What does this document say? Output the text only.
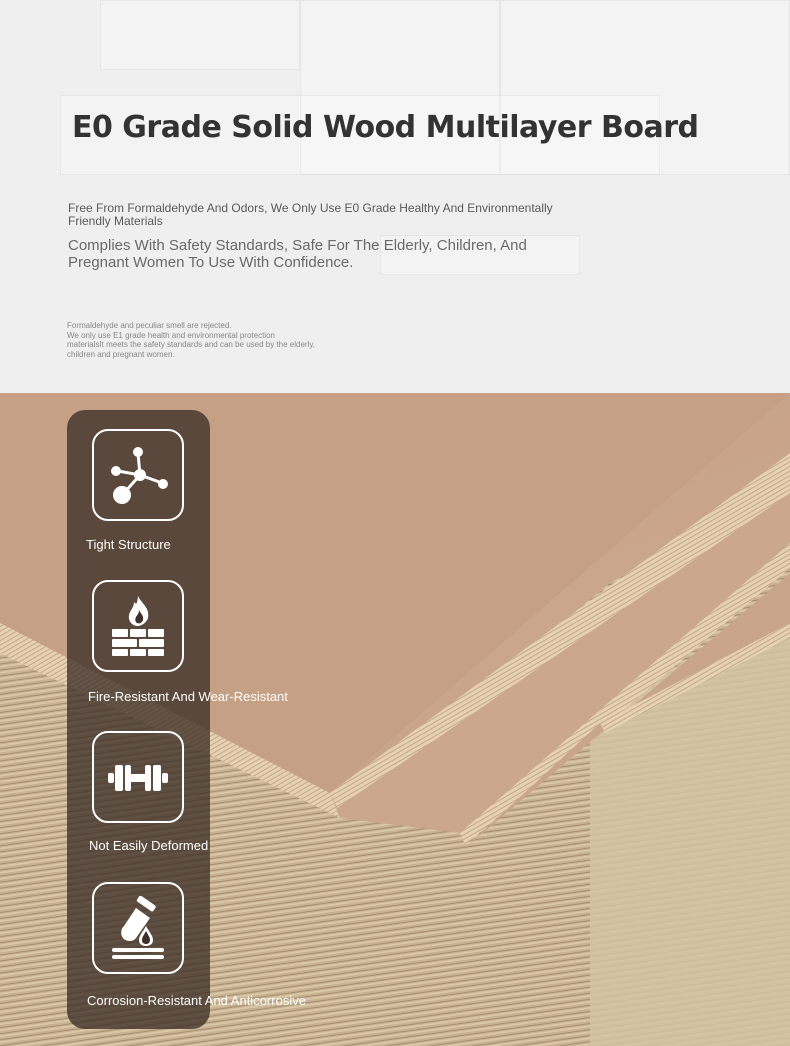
E0 Grade Solid Wood Multilayer Board

Free From Formaldehyde And Odors, We Only Use E0 Grade Healthy And Environmentally Friendly Materials

Complies With Safety Standards, Safe For The Elderly, Children, And Pregnant Women To Use With Confidence.

Formaldehyde and peculiar smell are rejected.
We only use E1 grade health and environmental protection
materialsIt meets the safety standards and can be used by the elderly,
children and pregnant women.
Tight Structure
Fire-Resistant And Wear-Resistant
Not Easily Deformed
Corrosion-Resistant And Anticorrosive
